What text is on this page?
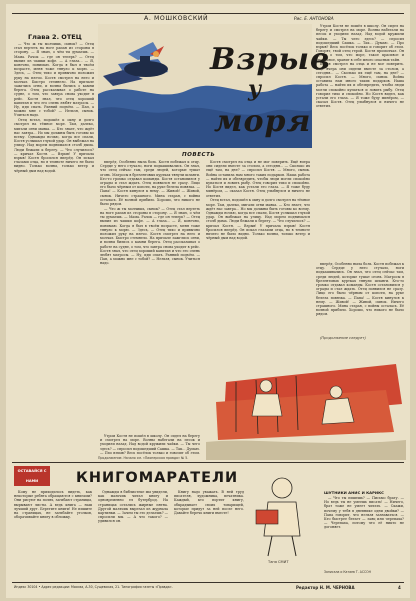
А. МОШКОВСКИЙ	Рис. Е. АНТОНОВА
Глава 2. ОТЕЦ

— Что ж ты молчишь, сынок? — Отец стал вертеть на ноге рапан из стороны в сторону. — Я знаю, о чём ты думаешь. — Мама. Рачок — где он теперь? — Отец выпил из чашки кофе. — А глаза... — Я, конечно, понимаю. Когда я был в твоём возрасте, меня тоже тянуло к морю. — Здесь, — Отец тихо и привычно положил руку на плечо. Костя смотрел на него и молчал. Быстро стемнело. На причале зажглись огни, и волны бились о камни берега. Отец рассказывал о работе на судне, о том, что завтра снова уходит в рейс. Костя знал, что отец хороший капитан и что его очень любят матросы. — Ну, иди спать. Ранний подъём. — Пап, а можно мне с тобой? — Нельзя, сынок. Учиться надо.

Отец встал, подошёл к окну и долго смотрел на тёмное море. Там, далеко, мигали огни маяка. — Кто знает, что ждёт нас завтра... Но мы должны быть готовы ко всему. Однажды ночью, когда все спали, Костя услышал глухой удар. Он выбежал на улицу. Над морем поднимался столб дыма. Люди бежали к берегу. — Что случилось? — кричал Костя. — Взрыв! У причала взрыв! Костя бросился вперёд. Он искал глазами отца, но в темноте ничего не было видно. Только волны, только ветер и чёрный дым над водой.

Взрыв
у
моря

Утром Костя не пошёл в школу. Он сидел на берегу и смотрел на море. Волны набегали на песок и уходили назад. Над водой кружили чайки. — Ты чего здесь? — спросил подошедший Сашка. — Так... Думаю. — Про взрыв? Весь посёлок только и говорит об этом. Говорят, твой отец герой. Костя промолчал. Он думал о том, что море, такое красивое и спокойное, хранит в себе много опасных тайн.

Костя смотрел на отца и не мог поверить. Ещё вчера они сидели вместе за столом, а сегодня... — Сколько их ещё там, на дне? — спросил Костя. — Много, сынок. Война оставила нам много таких подарков. Наша работа — найти их и обезвредить, чтобы люди могли спокойно купаться и ловить рыбу. Отец говорил тихо и спокойно. Но Костя видел, как устали его глаза. — Я тоже буду минёром, — сказал Костя. Отец улыбнулся и ничего не ответил.

ПОВЕСТЬ

вперёд. Особенно ныла боль. Костя побежал к отцу. Сердце у него стучало, ноги подкашивались. Он знал, что отец сейчас там, среди людей, которые тушат огонь. Матросы в брезентовых куртках тянули шланги. Кто-то громко отдавал команды. Костя остановился у ограды и стал ждать. Отец появился не сразу. Лицо его было чёрным от копоти, на руке белела повязка. — Папа! — Костя кинулся к нему. — Живой! — Живой, сынок. Ничего страшного. Мина старая, с войны осталась. Её волной прибило. Хорошо, что никого не было рядом.

— Что ж ты молчишь, сынок? — Отец стал вертеть на ноге рапан из стороны в сторону. — Я знаю, о чём ты думаешь. — Мама. Рачок — где он теперь? — Отец выпил из чашки кофе. — А глаза... — Я, конечно, понимаю. Когда я был в твоём возрасте, меня тоже тянуло к морю. — Здесь, — Отец тихо и привычно положил руку на плечо. Костя смотрел на него и молчал. Быстро стемнело. На причале зажглись огни, и волны бились о камни берега. Отец рассказывал о работе на судне, о том, что завтра снова уходит в рейс. Костя знал, что отец хороший капитан и что его очень любят матросы. — Ну, иди спать. Ранний подъём. — Пап, а можно мне с тобой? — Нельзя, сынок. Учиться надо.

Костя смотрел на отца и не мог поверить. Ещё вчера они сидели вместе за столом, а сегодня... — Сколько их ещё там, на дне? — спросил Костя. — Много, сынок. Война оставила нам много таких подарков. Наша работа — найти их и обезвредить, чтобы люди могли спокойно купаться и ловить рыбу. Отец говорил тихо и спокойно. Но Костя видел, как устали его глаза. — Я тоже буду минёром, — сказал Костя. Отец улыбнулся и ничего не ответил.

Отец встал, подошёл к окну и долго смотрел на тёмное море. Там, далеко, мигали огни маяка. — Кто знает, что ждёт нас завтра... Но мы должны быть готовы ко всему. Однажды ночью, когда все спали, Костя услышал глухой удар. Он выбежал на улицу. Над морем поднимался столб дыма. Люди бежали к берегу. — Что случилось? — кричал Костя. — Взрыв! У причала взрыв! Костя бросился вперёд. Он искал глазами отца, но в темноте ничего не было видно. Только волны, только ветер и чёрный дым над водой.

вперёд. Особенно ныла боль. Костя побежал к отцу. Сердце у него стучало, ноги подкашивались. Он знал, что отец сейчас там, среди людей, которые тушат огонь. Матросы в брезентовых куртках тянули шланги. Кто-то громко отдавал команды. Костя остановился у ограды и стал ждать. Отец появился не сразу. Лицо его было чёрным от копоти, на руке белела повязка. — Папа! — Костя кинулся к нему. — Живой! — Живой, сынок. Ничего страшного. Мина старая, с войны осталась. Её волной прибило. Хорошо, что никого не было рядом.

(Продолжение следует)

Утром Костя не пошёл в школу. Он сидел на берегу и смотрел на море. Волны набегали на песок и уходили назад. Над водой кружили чайки. — Ты чего здесь? — спросил подошедший Сашка. — Так... Думаю. — Про взрыв? Весь посёлок только и говорит об этом.

Продолжение. Начало см. «Пионерская правда» № 5.
ОСТАВАЙСЯ С НАМИ	КНИГОМАРАТЕЛИ

Кому не приходилось видеть, как некоторые ребята обращаются с книгами? Они рисуют на полях, загибают страницы, вырывают листы. А ведь книга — наш лучший друг. Берегите книги! Не пишите на страницах, не загибайте уголков, оборачивайте книгу в обложку.

Однажды в библиотеке мы увидели, как мальчик читал книгу и одновременно ел бутерброд. На страницах остались жирные пятна. Другой мальчик вырезал из журнала картинки. — Зачем ты это делаешь? — спросили мы. — А что такого? — удивился он.

Книгу надо уважать. В ней труд писателя, художника, печатника. Каждый, кто портит книгу, обкрадывает своих товарищей, которые придут за ней после него. Давайте беречь книги вместе!

Таня СМИТ
ШУТНИКИ АНИС И КАРИКС

— Что ты пишешь? — Письмо брату. — Но ведь ты не умеешь писать! — Ничего, брат тоже не умеет читать. — Скажи, почему у тебя в дневнике одни двойки? — Папа говорит, что нельзя зазнаваться. — Кто быстрее бегает — заяц или черепаха? — Черепаха, потому что её никто не догоняет.

Записала и Катаев Т. АССОН
Индекс 30104 • Адрес редакции: Москва, А-30, Сущевская, 21. Типография газеты «Правда».	Редактор Н. М. ЧЕРНОВА	4
